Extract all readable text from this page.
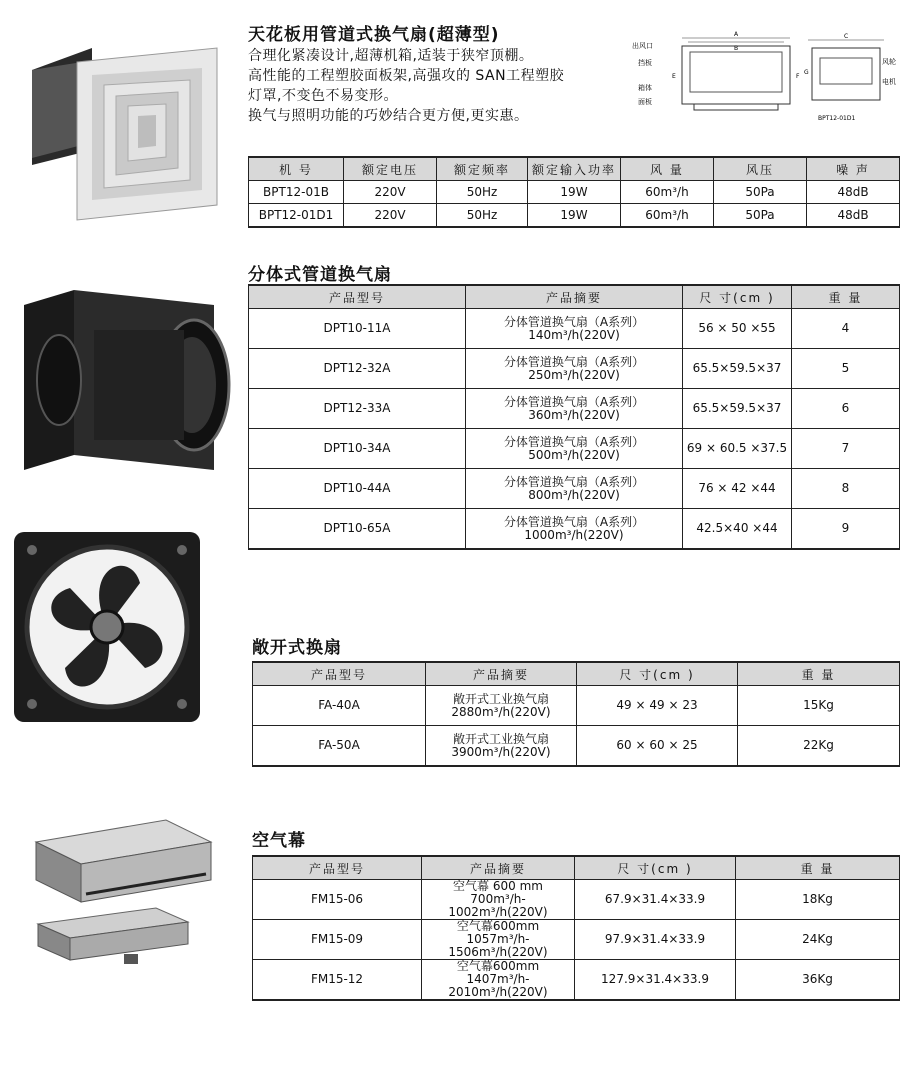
天花板用管道式换气扇(超薄型)
合理化紧凑设计,超薄机箱,适装于狭窄顶棚。
高性能的工程塑胶面板架,高强攻的 SAN工程塑胶
灯罩,不变色不易变形。
换气与照明功能的巧妙结合更方便,更实惠。
出风口
挡板
箱体
面板
风轮
电机
A
B
C
E	F
G
BPT12-01D1
机 号	额定电压	额定频率	额定输入功率	风 量	风压	噪 声
BPT12-01B	220V	50Hz	19W	60m³/h	50Pa	48dB
BPT12-01D1	220V	50Hz	19W	60m³/h	50Pa	48dB
分体式管道换气扇
产品型号	产品摘要	尺 寸(cm )	重 量
DPT10-11A	分体管道换气扇（A系列）
140m³/h(220V)	56 × 50 ×55	4
DPT12-32A	分体管道换气扇（A系列）
250m³/h(220V)	65.5×59.5×37	5
DPT12-33A	分体管道换气扇（A系列）
360m³/h(220V)	65.5×59.5×37	6
DPT10-34A	分体管道换气扇（A系列）
500m³/h(220V)	69 × 60.5 ×37.5	7
DPT10-44A	分体管道换气扇（A系列）
800m³/h(220V)	76 × 42 ×44	8
DPT10-65A	分体管道换气扇（A系列）
1000m³/h(220V)	42.5×40 ×44	9
敞开式换扇
产品型号	产品摘要	尺 寸(cm )	重 量
FA-40A	敞开式工业换气扇
2880m³/h(220V)	49 × 49 × 23	15Kg
FA-50A	敞开式工业换气扇
3900m³/h(220V)	60 × 60 × 25	22Kg
空气幕
产品型号	产品摘要	尺 寸(cm )	重 量
FM15-06	空气幕 600 mm
700m³/h-1002m³/h(220V)	67.9×31.4×33.9	18Kg
FM15-09	空气幕600mm
1057m³/h-1506m³/h(220V)	97.9×31.4×33.9	24Kg
FM15-12	空气幕600mm
1407m³/h-2010m³/h(220V)	127.9×31.4×33.9	36Kg
